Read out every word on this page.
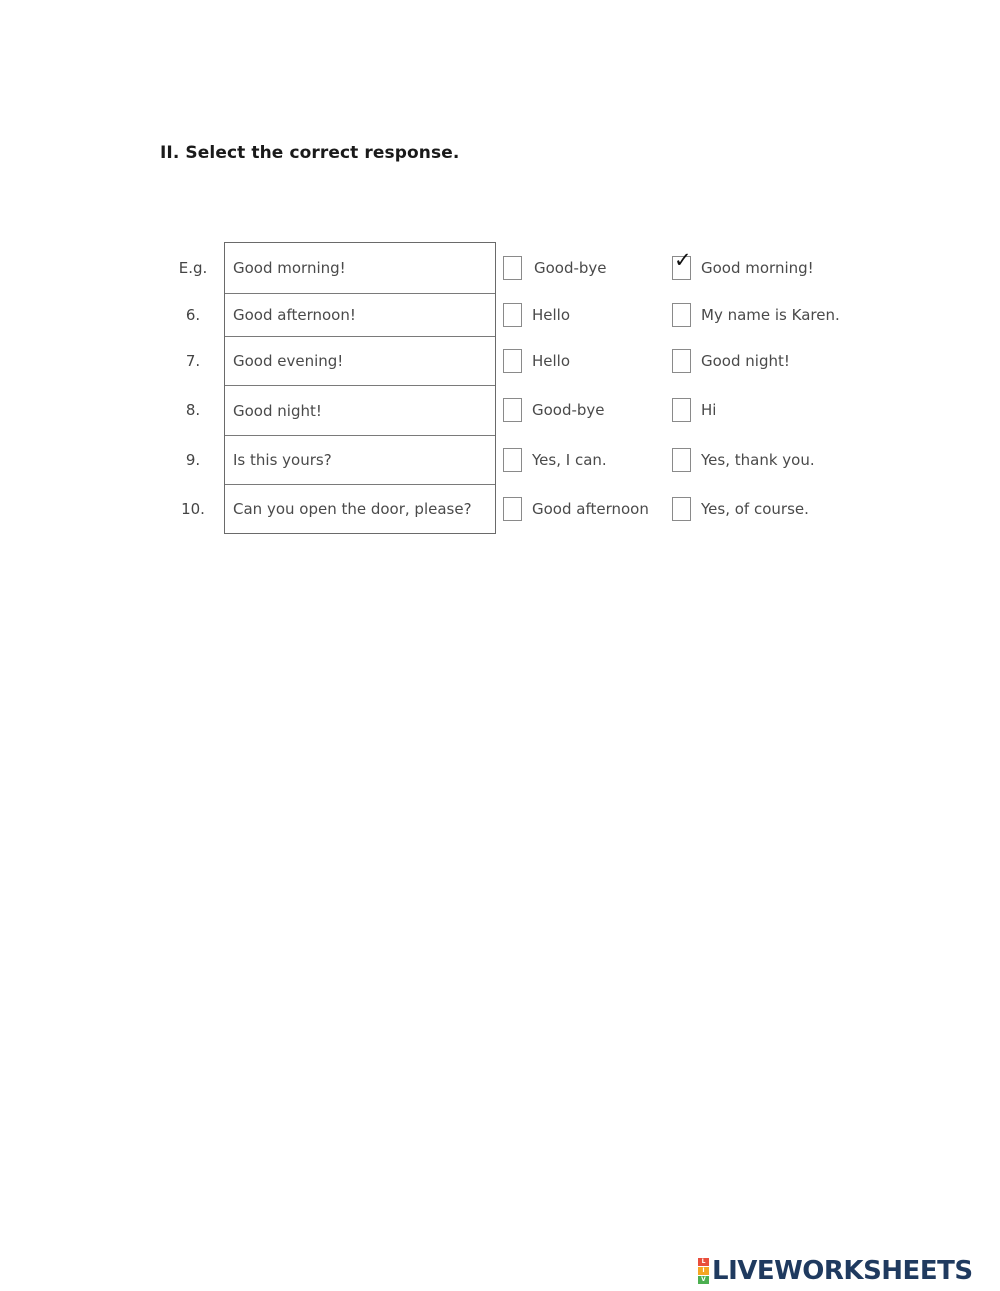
II. Select the correct response.
E.g.
6.
7.
8.
9.
10.
Good morning!
Good afternoon!
Good evening!
Good night!
Is this yours?
Can you open the door, please?
Good-bye
Hello
Hello
Good-bye
Yes, I can.
Good afternoon
✓ Good morning!
My name is Karen.
Good night!
Hi
Yes, thank you.
Yes, of course.
L
I
V LIVEWORKSHEETS
